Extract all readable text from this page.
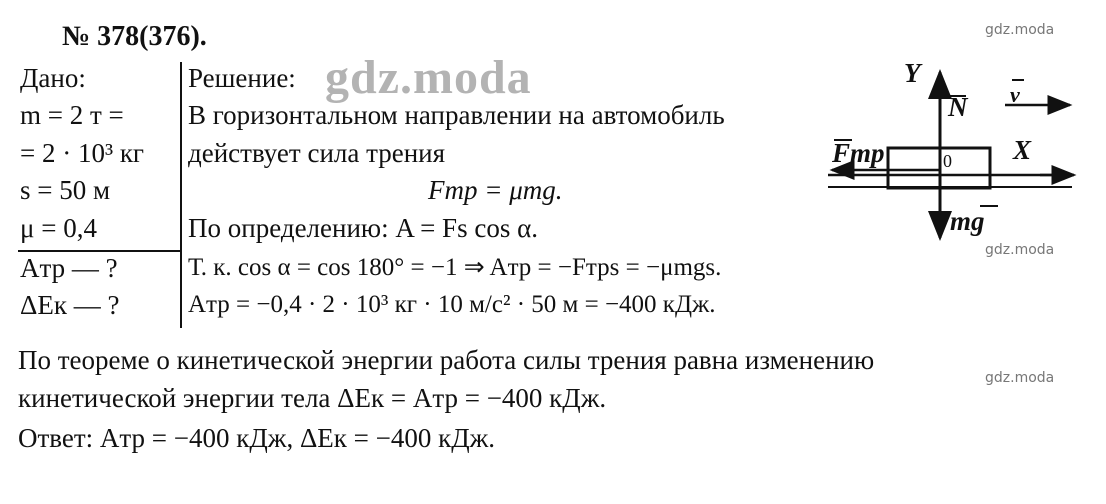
№ 378(376).	gdz.moda
gdz.moda
gdz.moda
gdz.moda
Дано:
m = 2 т =
= 2 · 10³ кг
s = 50 м
μ = 0,4
Aтр — ?
ΔEк — ?
Решение:
В горизонтальном направлении на автомобиль
действует сила трения
Fтр = μmg.
По определению: A = Fs cos α.
Т. к. cos α = cos 180° = −1 ⇒ Aтр = −Fтрs = −μmgs.
Aтр = −0,4 · 2 · 10³ кг · 10 м/с² · 50 м = −400 кДж.
По теореме о кинетической энергии работа силы трения равна изменению
кинетической энергии тела ΔEк = Aтр = −400 кДж.
Ответ: Aтр = −400 кДж, ΔEк = −400 кДж.
Y
N v
Fтр	0 X
mg
